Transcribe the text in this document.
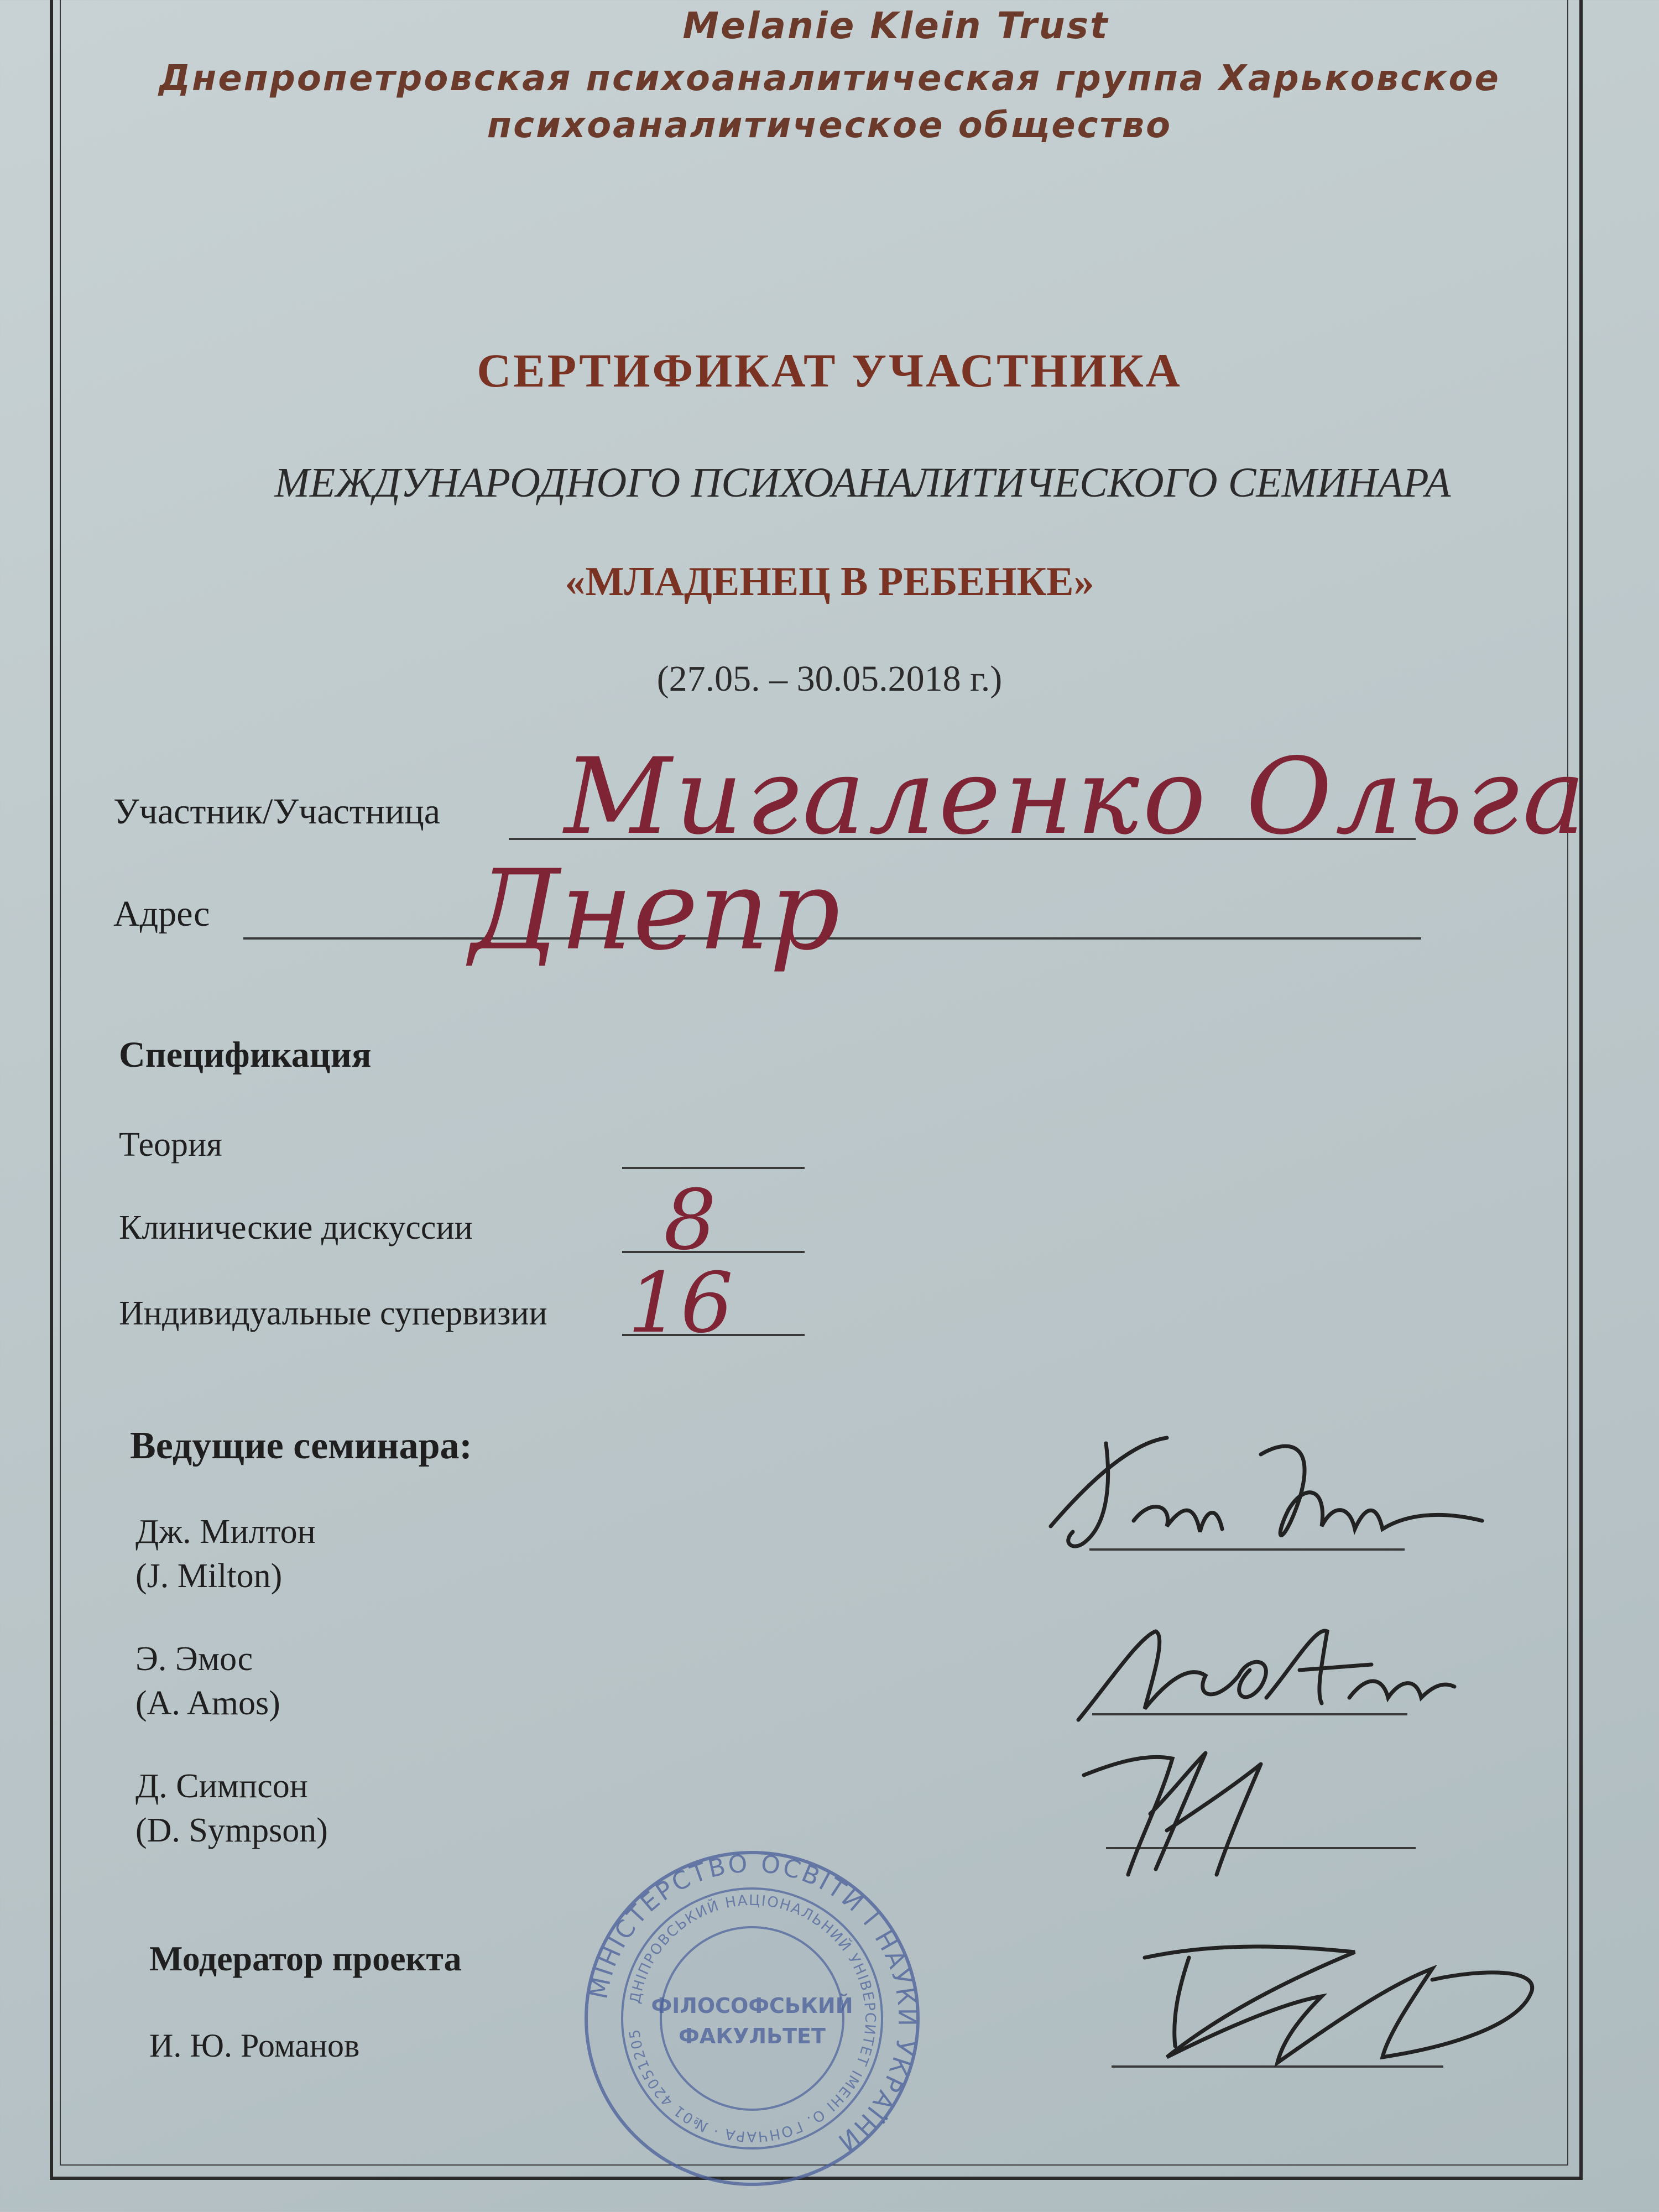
Melanie Klein Trust
Днепропетровская психоаналитическая группа Харьковское
психоаналитическое общество
СЕРТИФИКАТ УЧАСТНИКА
МЕЖДУНАРОДНОГО ПСИХОАНАЛИТИЧЕСКОГО СЕМИНАРА
«МЛАДЕНЕЦ В РЕБЕНКЕ»
(27.05. – 30.05.2018 г.)
Участник/Участница Мигаленко Ольга
Адрес Днепр
Спецификация
Теория
Клинические дискуссии 8
Индивидуальные супервизии 16
Ведущие семинара:
Дж. Милтон
(J. Milton)
Э. Эмос
(A. Amos)
Д. Симпсон
(D. Sympson)
Модератор проекта
И. Ю. Романов
МІНІСТЕРСТВО ОСВІТИ І НАУКИ УКРАЇНИ
ДНІПРОВСЬКИЙ НАЦІОНАЛЬНИЙ УНІВЕРСИТЕТ ІМЕНІ О. ГОНЧАРА · №01 42051205
ФІЛОСОФСЬКИЙ
ФАКУЛЬТЕТ
